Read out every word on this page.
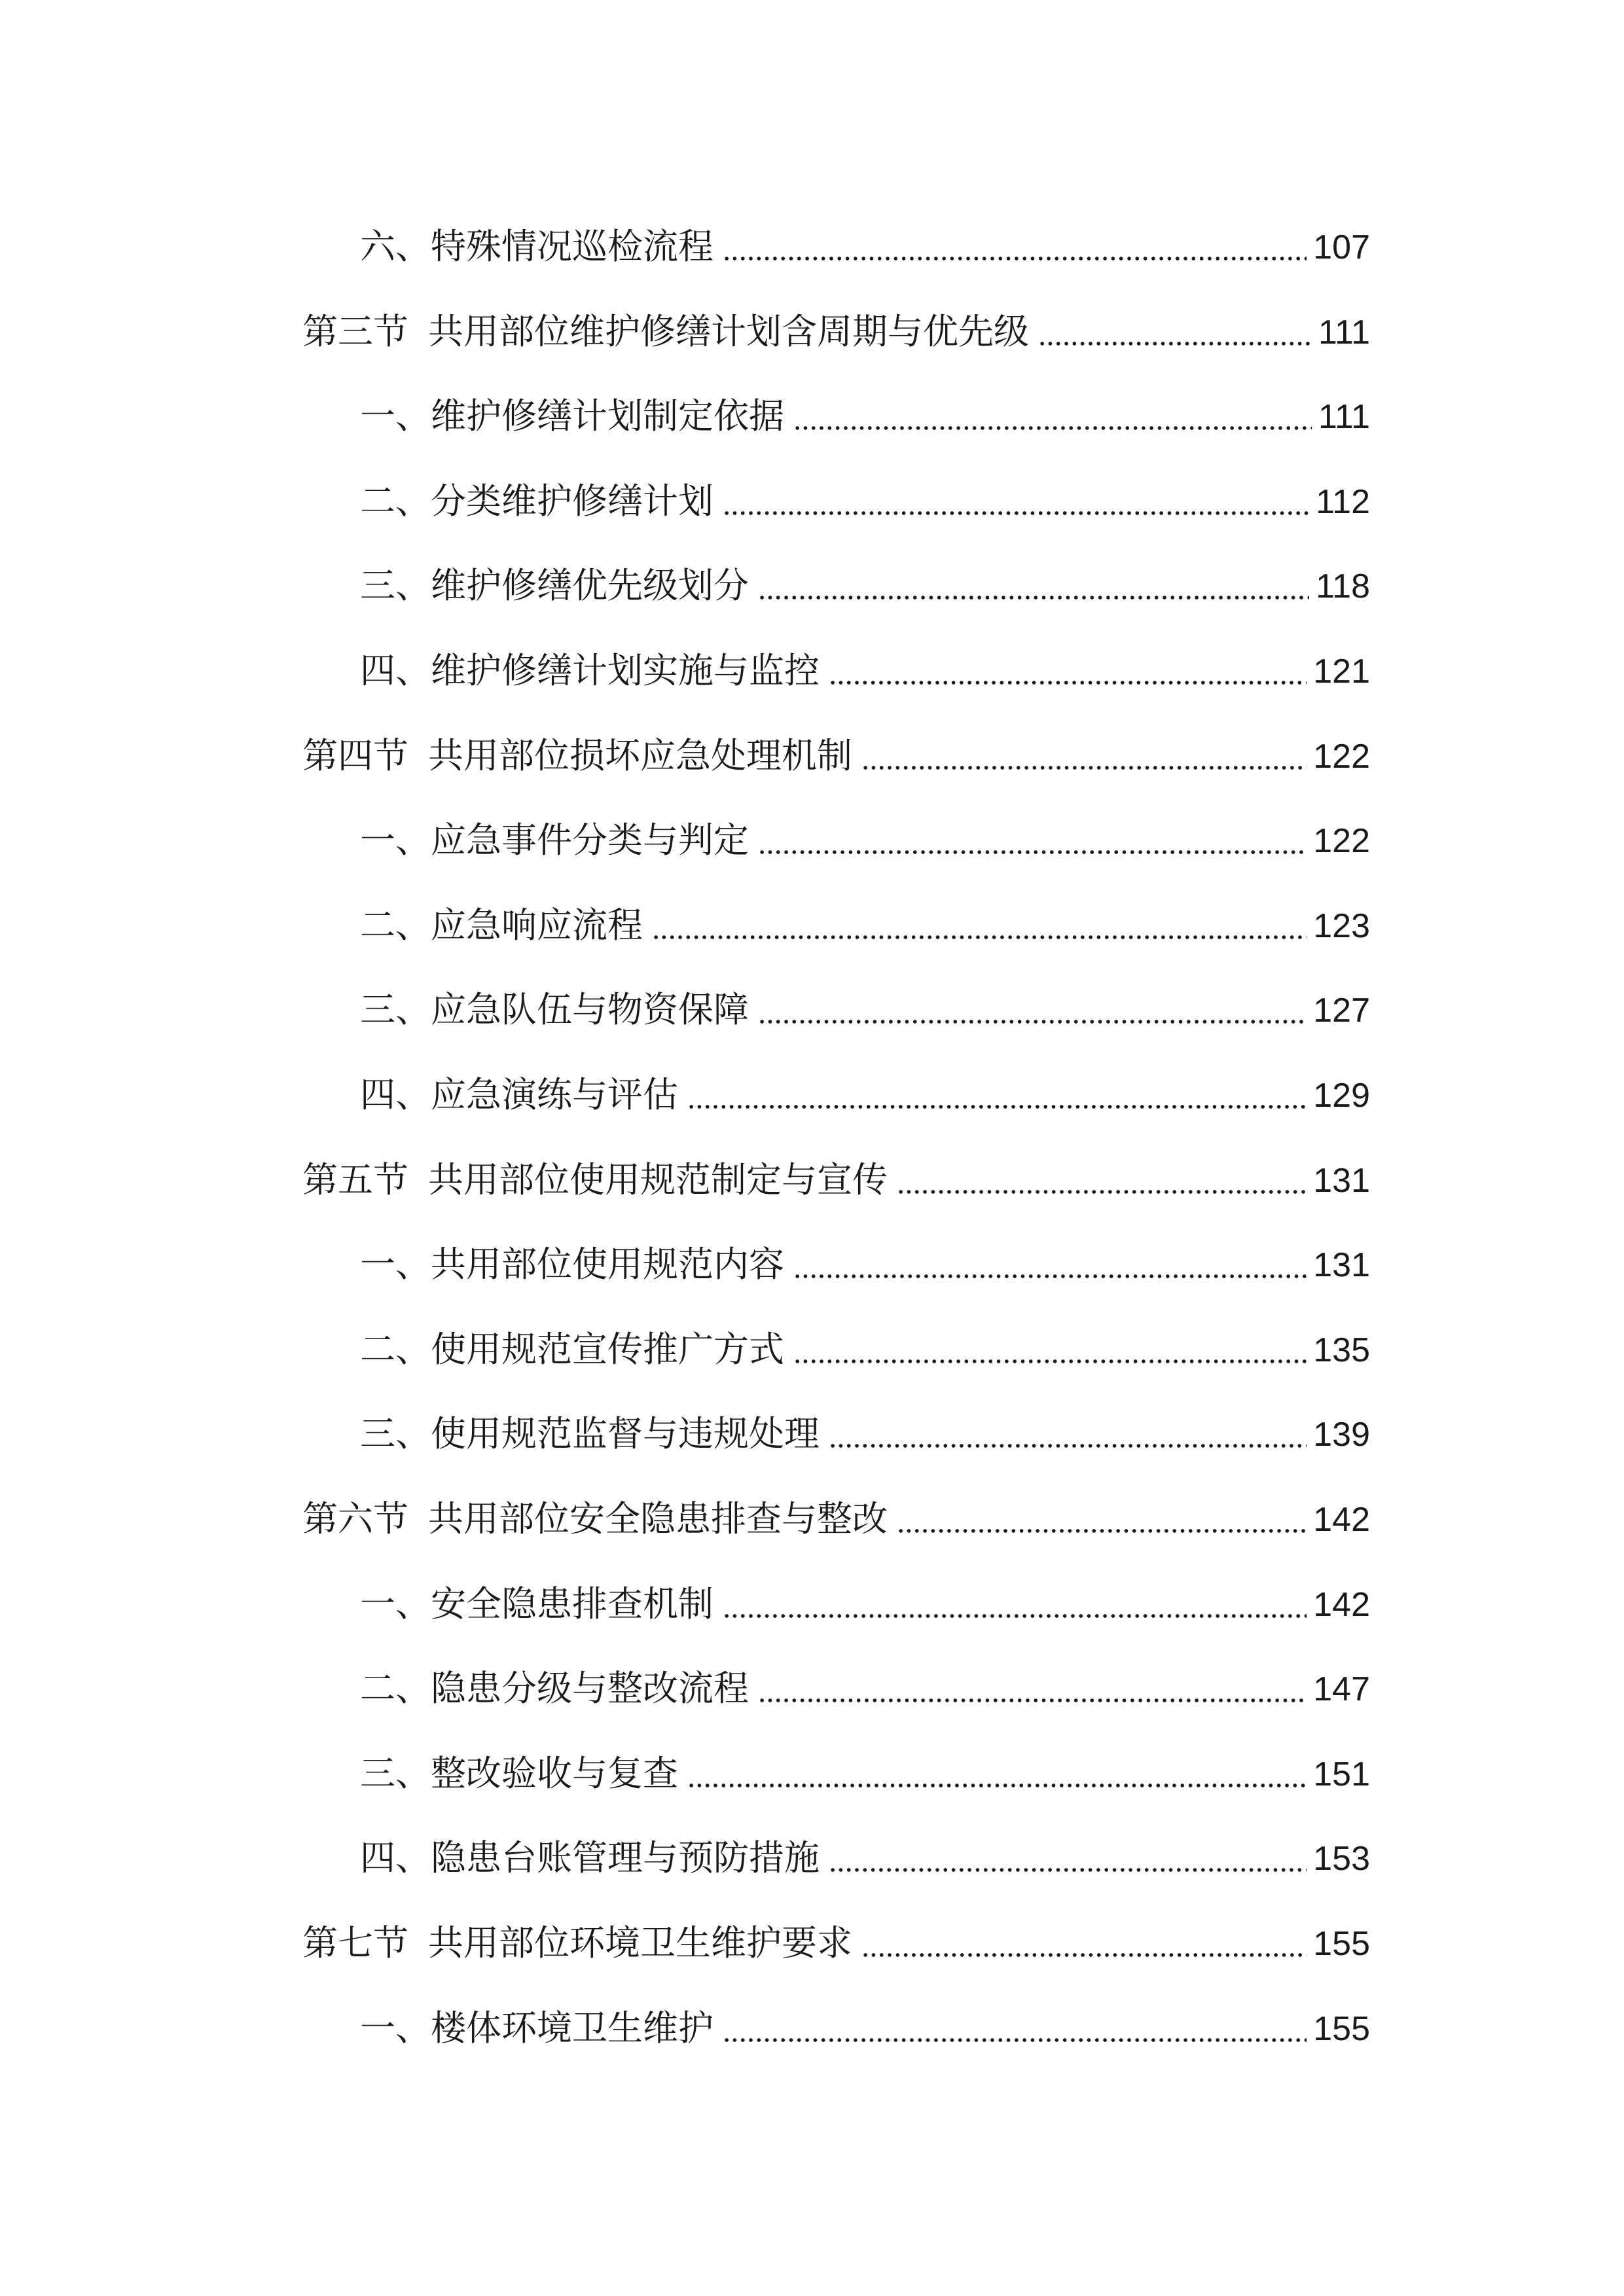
六、特殊情况巡检流程	107
第三节 共用部位维护修缮计划含周期与优先级	111
一、维护修缮计划制定依据	111
二、分类维护修缮计划	112
三、维护修缮优先级划分	118
四、维护修缮计划实施与监控	121
第四节 共用部位损坏应急处理机制	122
一、应急事件分类与判定	122
二、应急响应流程	123
三、应急队伍与物资保障	127
四、应急演练与评估	129
第五节 共用部位使用规范制定与宣传	131
一、共用部位使用规范内容	131
二、使用规范宣传推广方式	135
三、使用规范监督与违规处理	139
第六节 共用部位安全隐患排查与整改	142
一、安全隐患排查机制	142
二、隐患分级与整改流程	147
三、整改验收与复查	151
四、隐患台账管理与预防措施	153
第七节 共用部位环境卫生维护要求	155
一、楼体环境卫生维护	155
